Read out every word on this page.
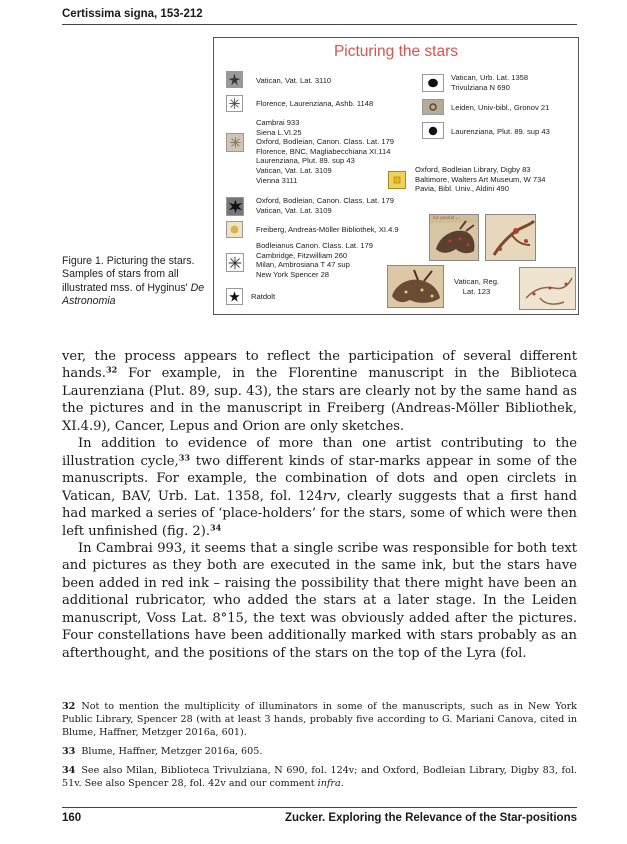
Certissima signa, 153-212
Picturing the stars
Vatican, Vat. Lat. 3110
Florence, Laurenziana, Ashb. 1148
Cambrai 933
Siena L.VI.25
Oxford, Bodleian, Canon. Class. Lat. 179
Florence, BNC, Magliabecchiana XI.114
Laurenziana, Plut. 89. sup 43
Vatican, Vat. Lat. 3109
Vienna 3111
Oxford, Bodleian, Canon. Class. Lat. 179
Vatican, Vat. Lat. 3109
Freiberg, Andreas-Möller Bibliothek, XI.4.9
Bodleianus Canon. Class. Lat. 179
Cambridge, Fitzwilliam 260
Milan, Ambrosiana T 47 sup
New York Spencer 28
Ratdolt
Vatican, Urb. Lat. 1358
Trivulziana N 690
Leiden, Univ-bibl., Gronov 21
Laurenziana, Plut. 89. sup 43
Oxford, Bodleian Library, Digby 83
Baltimore, Walters Art Museum, W 734
Pavia, Bibl. Univ., Aldini 490
hic ponitur ...
Vatican, Reg.
Lat. 123
Figure 1. Picturing the stars. Samples of stars from all illustrated mss. of Hyginus' De Astronomia

ver, the process appears to reflect the participation of several different hands.$^{32}$ For example, in the Florentine manuscript in the Biblioteca Laurenziana (Plut. 89, sup. 43), the stars are clearly not by the same hand as the pictures and in the manuscript in Freiberg (Andreas-Möller Bibliothek, XI.4.9), Cancer, Lepus and Orion are only sketches.

In addition to evidence of more than one artist contributing to the illustration cycle,$^{33}$ two different kinds of star-marks appear in some of the manuscripts. For example, the combination of dots and open circlets in Vatican, BAV, Urb. Lat. 1358, fol. 124rv, clearly suggests that a first hand had marked a series of ‘place-holders’ for the stars, some of which were then left unfinished (fig. 2).$^{34}$

In Cambrai 993, it seems that a single scribe was responsible for both text and pictures as they both are executed in the same ink, but the stars have been added in red ink – raising the possibility that there might have been an additional rubricator, who added the stars at a later stage. In the Leiden manuscript, Voss Lat. 8°15, the text was obviously added after the pictures. Four constellations have been additionally marked with stars probably as an afterthought, and the positions of the stars on the top of the Lyra (fol.

32 Not to mention the multiplicity of illuminators in some of the manuscripts, such as in New York Public Library, Spencer 28 (with at least 3 hands, probably five according to G. Mariani Canova, cited in Blume, Haffner, Metzger 2016a, 601).

33 Blume, Haffner, Metzger 2016a, 605.

34 See also Milan, Biblioteca Trivulziana, N 690, fol. 124v; and Oxford, Bodleian Library, Digby 83, fol. 51v. See also Spencer 28, fol. 42v and our comment infra.

160	Zucker. Exploring the Relevance of the Star-positions
